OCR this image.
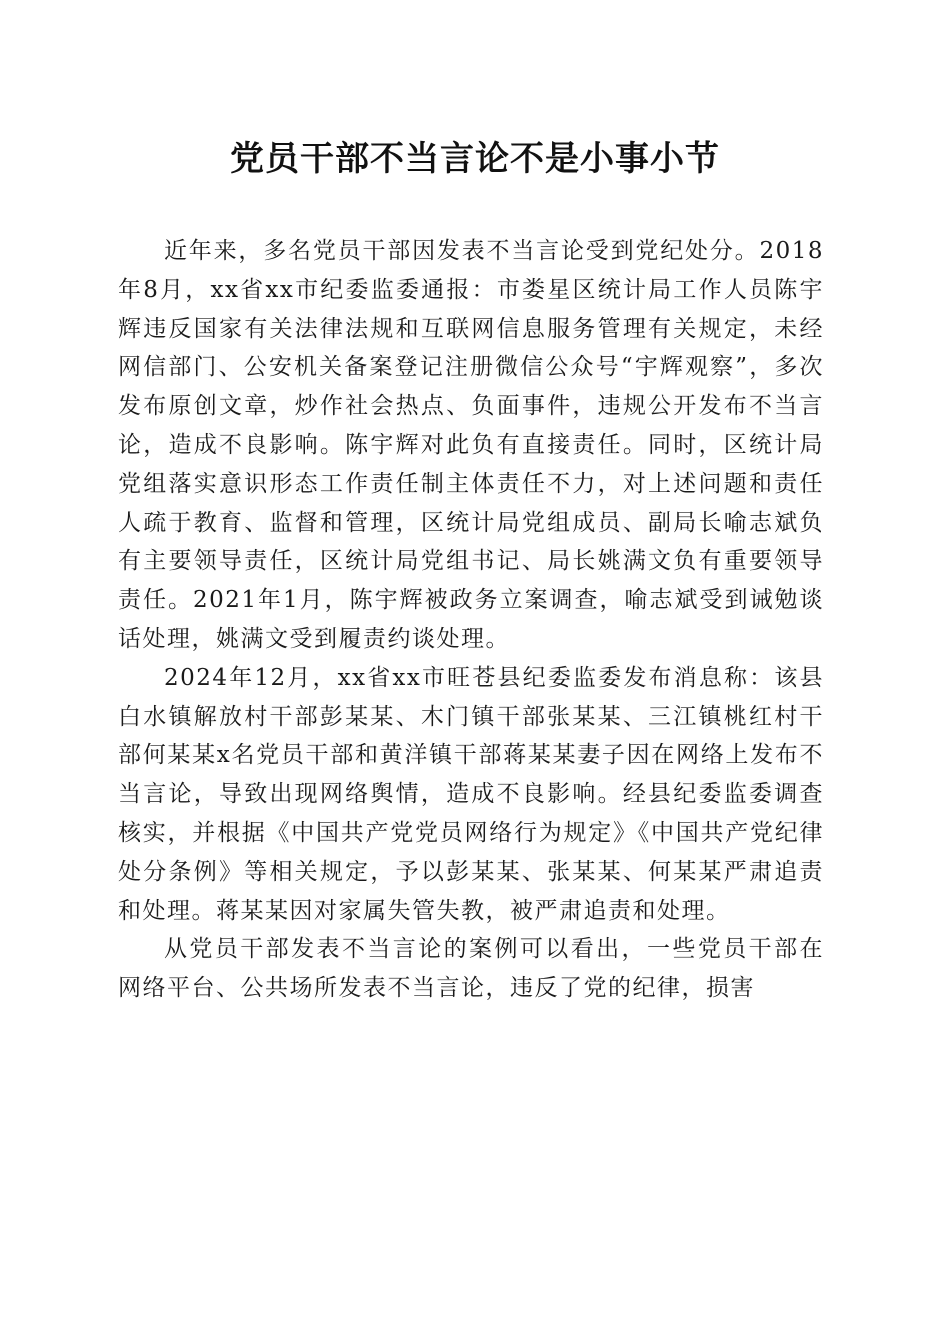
党员干部不当言论不是小事小节

近年来，多名党员干部因发表不当言论受到党纪处分。2018年8月，xx省xx市纪委监委通报：市娄星区统计局工作人员陈宇辉违反国家有关法律法规和互联网信息服务管理有关规定，未经网信部门、公安机关备案登记注册微信公众号“宇辉观察”，多次发布原创文章，炒作社会热点、负面事件，违规公开发布不当言论，造成不良影响。陈宇辉对此负有直接责任。同时，区统计局党组落实意识形态工作责任制主体责任不力，对上述问题和责任人疏于教育、监督和管理，区统计局党组成员、副局长喻志斌负有主要领导责任，区统计局党组书记、局长姚满文负有重要领导责任。2021年1月，陈宇辉被政务立案调查，喻志斌受到诫勉谈话处理，姚满文受到履责约谈处理。

2024年12月，xx省xx市旺苍县纪委监委发布消息称：该县白水镇解放村干部彭某某、木门镇干部张某某、三江镇桃红村干部何某某x名党员干部和黄洋镇干部蒋某某妻子因在网络上发布不当言论，导致出现网络舆情，造成不良影响。经县纪委监委调查核实，并根据《中国共产党党员网络行为规定》《中国共产党纪律处分条例》等相关规定，予以彭某某、张某某、何某某严肃追责和处理。蒋某某因对家属失管失教，被严肃追责和处理。

从党员干部发表不当言论的案例可以看出，一些党员干部在网络平台、公共场所发表不当言论，违反了党的纪律，损害
